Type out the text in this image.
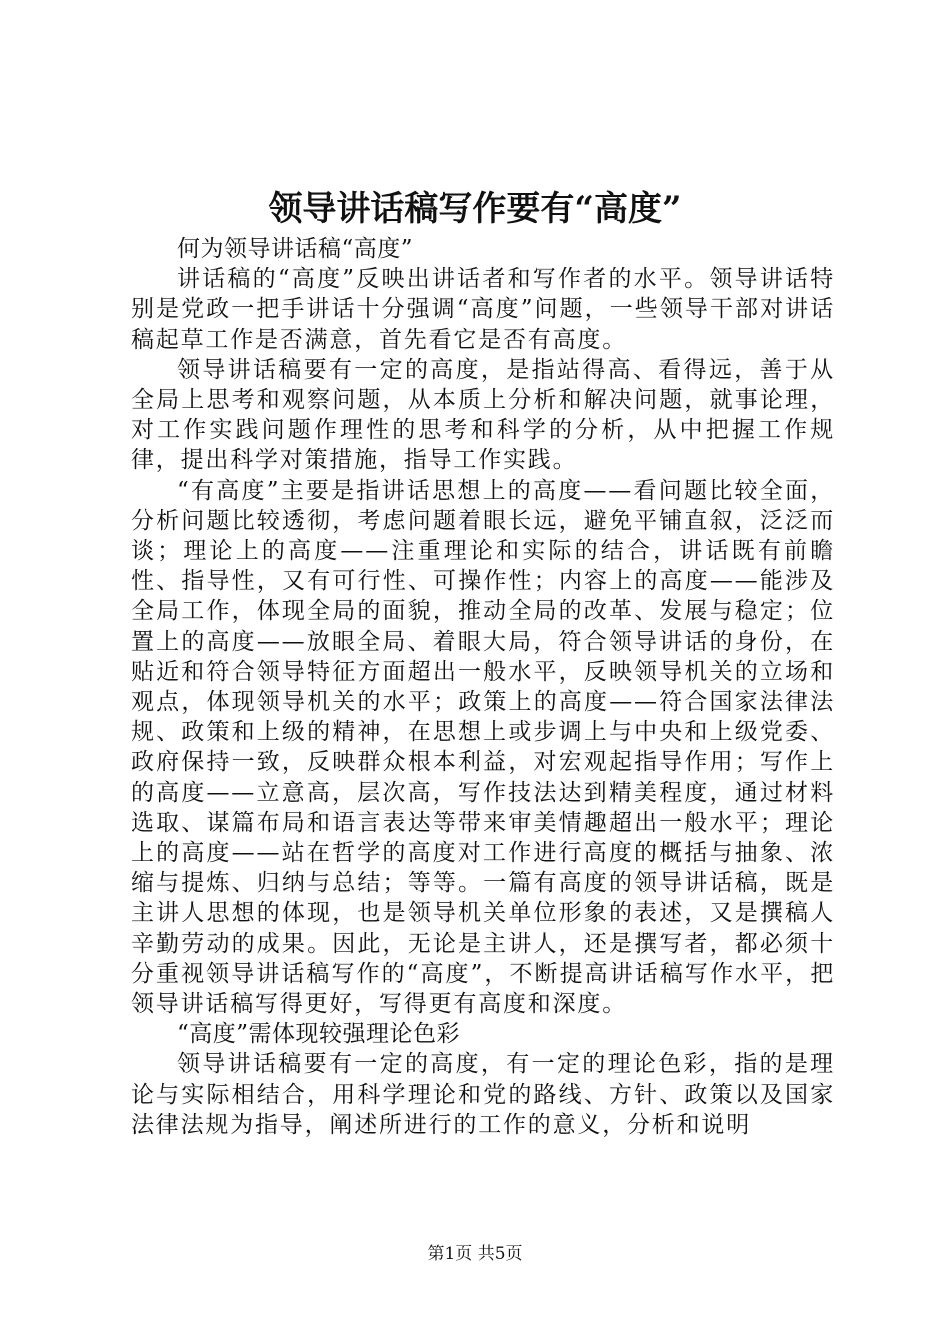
领导讲话稿写作要有“高度”

何为领导讲话稿“高度”

讲话稿的“高度”反映出讲话者和写作者的水平。领导讲话特别是党政一把手讲话十分强调“高度”问题，一些领导干部对讲话稿起草工作是否满意，首先看它是否有高度。

领导讲话稿要有一定的高度，是指站得高、看得远，善于从全局上思考和观察问题，从本质上分析和解决问题，就事论理，对工作实践问题作理性的思考和科学的分析，从中把握工作规律，提出科学对策措施，指导工作实践。

“有高度”主要是指讲话思想上的高度——看问题比较全面，分析问题比较透彻，考虑问题着眼长远，避免平铺直叙，泛泛而谈；理论上的高度——注重理论和实际的结合，讲话既有前瞻性、指导性，又有可行性、可操作性；内容上的高度——能涉及全局工作，体现全局的面貌，推动全局的改革、发展与稳定；位置上的高度——放眼全局、着眼大局，符合领导讲话的身份，在贴近和符合领导特征方面超出一般水平，反映领导机关的立场和观点，体现领导机关的水平；政策上的高度——符合国家法律法规、政策和上级的精神，在思想上或步调上与中央和上级党委、政府保持一致，反映群众根本利益，对宏观起指导作用；写作上的高度——立意高，层次高，写作技法达到精美程度，通过材料选取、谋篇布局和语言表达等带来审美情趣超出一般水平；理论上的高度——站在哲学的高度对工作进行高度的概括与抽象、浓缩与提炼、归纳与总结；等等。一篇有高度的领导讲话稿，既是主讲人思想的体现，也是领导机关单位形象的表述，又是撰稿人辛勤劳动的成果。因此，无论是主讲人，还是撰写者，都必须十分重视领导讲话稿写作的“高度”，不断提高讲话稿写作水平，把领导讲话稿写得更好，写得更有高度和深度。

“高度”需体现较强理论色彩

领导讲话稿要有一定的高度，有一定的理论色彩，指的是理论与实际相结合，用科学理论和党的路线、方针、政策以及国家法律法规为指导，阐述所进行的工作的意义，分析和说明

第1页 共5页
